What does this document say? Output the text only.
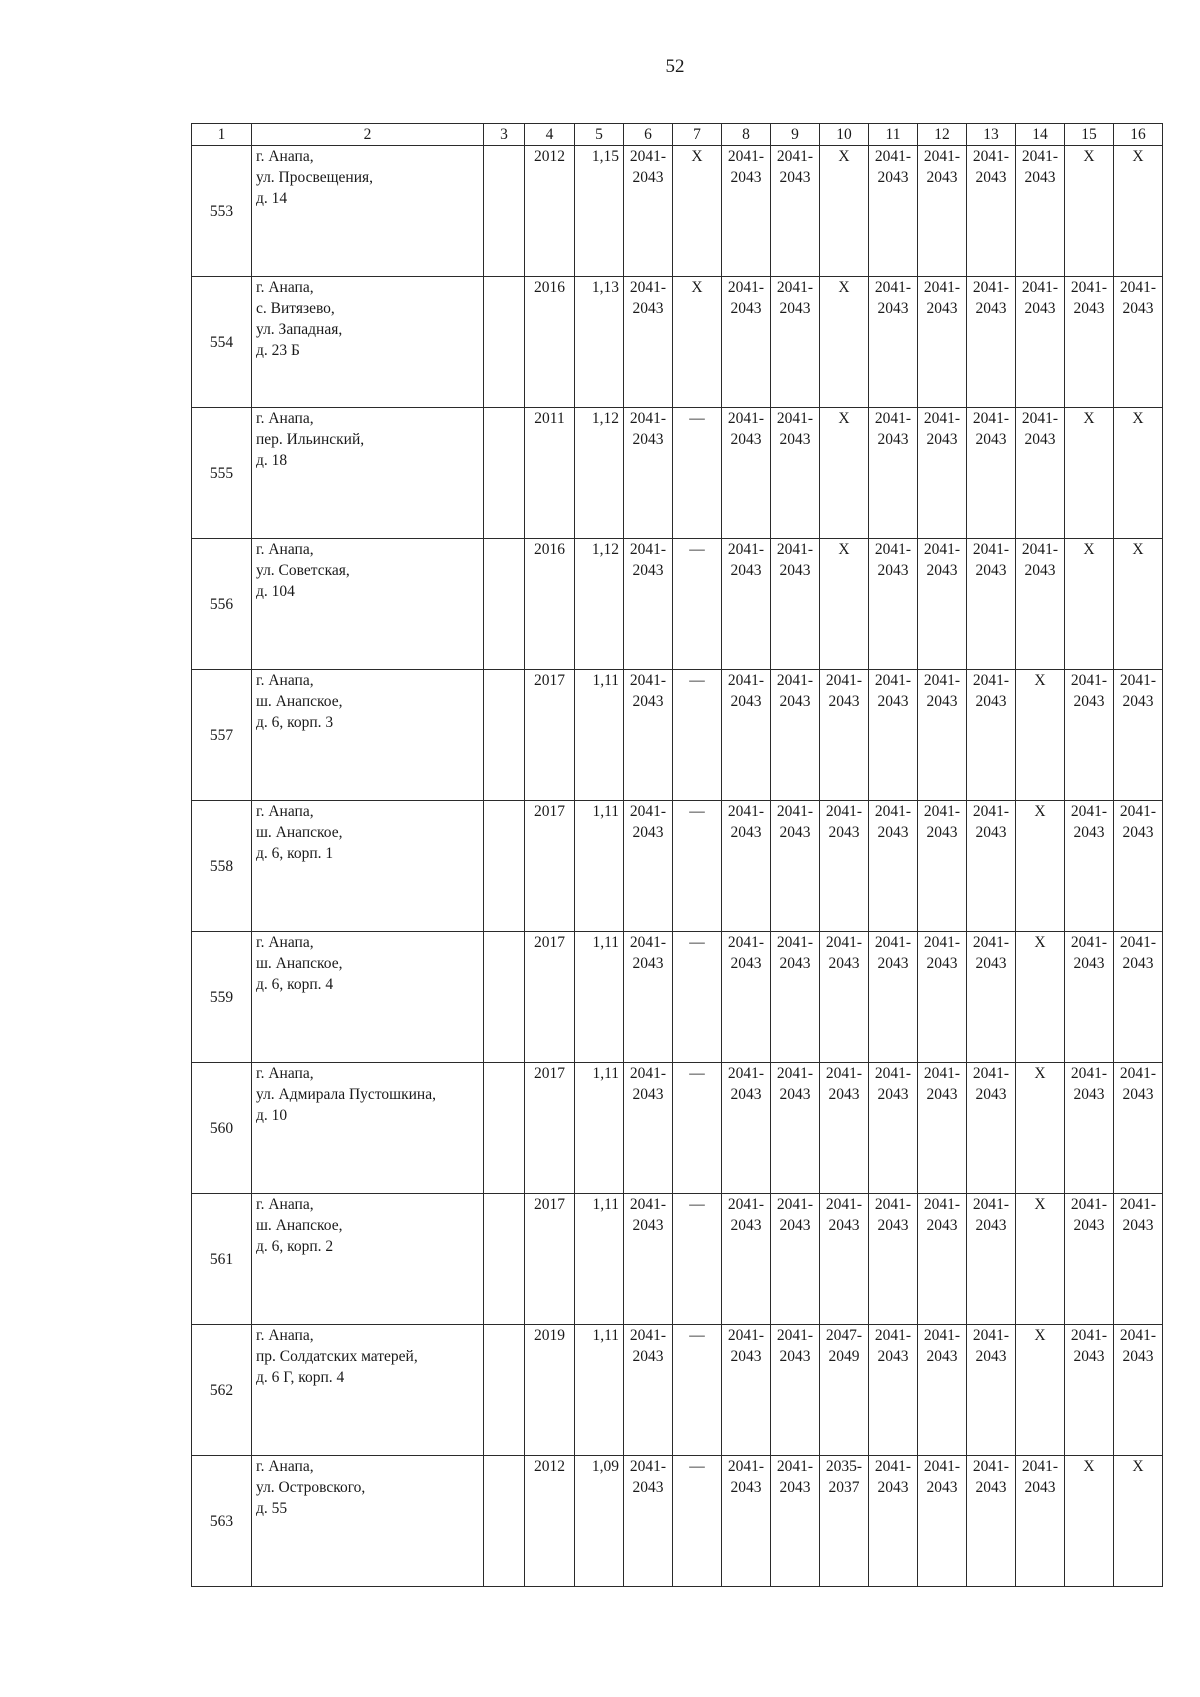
52
1	2	3	4	5	6	7	8	9	10	11	12	13	14	15	16
553	г. Анапа,
ул. Просвещения,
д. 14		2012	1,15	2041-
2043	X	2041-
2043	2041-
2043	X	2041-
2043	2041-
2043	2041-
2043	2041-
2043	X	X

554	г. Анапа,
с. Витязево,
ул. Западная,
д. 23 Б		2016	1,13	2041-
2043	X	2041-
2043	2041-
2043	X	2041-
2043	2041-
2043	2041-
2043	2041-
2043	2041-
2043	2041-
2043

555	г. Анапа,
пер. Ильинский,
д. 18		2011	1,12	2041-
2043	—	2041-
2043	2041-
2043	X	2041-
2043	2041-
2043	2041-
2043	2041-
2043	X	X

556	г. Анапа,
ул. Советская,
д. 104		2016	1,12	2041-
2043	—	2041-
2043	2041-
2043	X	2041-
2043	2041-
2043	2041-
2043	2041-
2043	X	X

557	г. Анапа,
ш. Анапское,
д. 6, корп. 3		2017	1,11	2041-
2043	—	2041-
2043	2041-
2043	2041-
2043	2041-
2043	2041-
2043	2041-
2043	X	2041-
2043	2041-
2043

558	г. Анапа,
ш. Анапское,
д. 6, корп. 1		2017	1,11	2041-
2043	—	2041-
2043	2041-
2043	2041-
2043	2041-
2043	2041-
2043	2041-
2043	X	2041-
2043	2041-
2043

559	г. Анапа,
ш. Анапское,
д. 6, корп. 4		2017	1,11	2041-
2043	—	2041-
2043	2041-
2043	2041-
2043	2041-
2043	2041-
2043	2041-
2043	X	2041-
2043	2041-
2043

560	г. Анапа,
ул. Адмирала Пустошкина,
д. 10		2017	1,11	2041-
2043	—	2041-
2043	2041-
2043	2041-
2043	2041-
2043	2041-
2043	2041-
2043	X	2041-
2043	2041-
2043

561	г. Анапа,
ш. Анапское,
д. 6, корп. 2		2017	1,11	2041-
2043	—	2041-
2043	2041-
2043	2041-
2043	2041-
2043	2041-
2043	2041-
2043	X	2041-
2043	2041-
2043

562	г. Анапа,
пр. Солдатских матерей,
д. 6 Г, корп. 4		2019	1,11	2041-
2043	—	2041-
2043	2041-
2043	2047-
2049	2041-
2043	2041-
2043	2041-
2043	X	2041-
2043	2041-
2043

563	г. Анапа,
ул. Островского,
д. 55		2012	1,09	2041-
2043	—	2041-
2043	2041-
2043	2035-
2037	2041-
2043	2041-
2043	2041-
2043	2041-
2043	X	X
